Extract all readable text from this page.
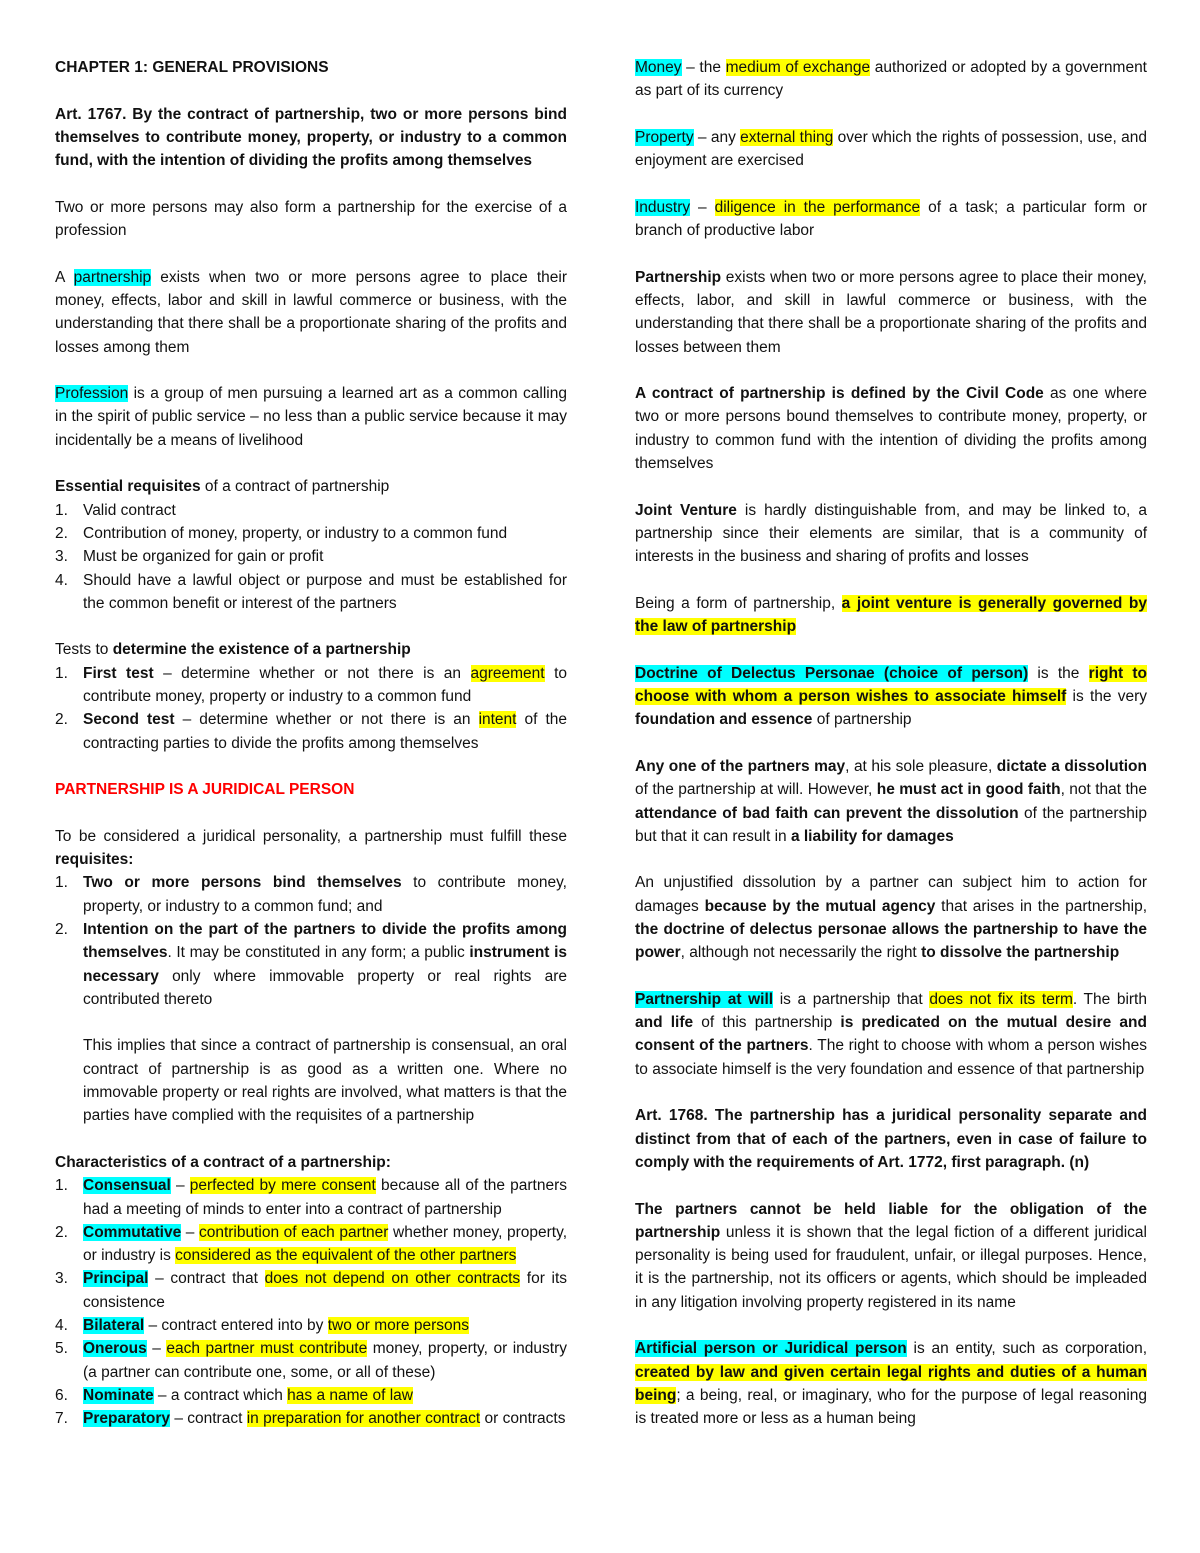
CHAPTER 1: GENERAL PROVISIONS

Art. 1767. By the contract of partnership, two or more persons bind themselves to contribute money, property, or industry to a common fund, with the intention of dividing the profits among themselves

Two or more persons may also form a partnership for the exercise of a profession

A partnership exists when two or more persons agree to place their money, effects, labor and skill in lawful commerce or business, with the understanding that there shall be a proportionate sharing of the profits and losses among them

Profession is a group of men pursuing a learned art as a common calling in the spirit of public service – no less than a public service because it may incidentally be a means of livelihood

Essential requisites of a contract of partnership
1. Valid contract
2. Contribution of money, property, or industry to a common fund
3. Must be organized for gain or profit
4. Should have a lawful object or purpose and must be established for the common benefit or interest of the partners
Tests to determine the existence of a partnership
1. First test – determine whether or not there is an agreement to contribute money, property or industry to a common fund
2. Second test – determine whether or not there is an intent of the contracting parties to divide the profits among themselves

PARTNERSHIP IS A JURIDICAL PERSON

To be considered a juridical personality, a partnership must fulfill these requisites:
1. Two or more persons bind themselves to contribute money, property, or industry to a common fund; and
2. Intention on the part of the partners to divide the profits among themselves. It may be constituted in any form; a public instrument is necessary only where immovable property or real rights are contributed thereto

This implies that since a contract of partnership is consensual, an oral contract of partnership is as good as a written one. Where no immovable property or real rights are involved, what matters is that the parties have complied with the requisites of a partnership

Characteristics of a contract of a partnership:
1. Consensual – perfected by mere consent because all of the partners had a meeting of minds to enter into a contract of partnership
2. Commutative – contribution of each partner whether money, property, or industry is considered as the equivalent of the other partners
3. Principal – contract that does not depend on other contracts for its consistence
4. Bilateral – contract entered into by two or more persons
5. Onerous – each partner must contribute money, property, or industry (a partner can contribute one, some, or all of these)
6. Nominate – a contract which has a name of law
7. Preparatory – contract in preparation for another contract or contracts

Money – the medium of exchange authorized or adopted by a government as part of its currency

Property – any external thing over which the rights of possession, use, and enjoyment are exercised

Industry – diligence in the performance of a task; a particular form or branch of productive labor

Partnership exists when two or more persons agree to place their money, effects, labor, and skill in lawful commerce or business, with the understanding that there shall be a proportionate sharing of the profits and losses between them

A contract of partnership is defined by the Civil Code as one where two or more persons bound themselves to contribute money, property, or industry to common fund with the intention of dividing the profits among themselves

Joint Venture is hardly distinguishable from, and may be linked to, a partnership since their elements are similar, that is a community of interests in the business and sharing of profits and losses

Being a form of partnership, a joint venture is generally governed by the law of partnership

Doctrine of Delectus Personae (choice of person) is the right to choose with whom a person wishes to associate himself is the very foundation and essence of partnership

Any one of the partners may, at his sole pleasure, dictate a dissolution of the partnership at will. However, he must act in good faith, not that the attendance of bad faith can prevent the dissolution of the partnership but that it can result in a liability for damages

An unjustified dissolution by a partner can subject him to action for damages because by the mutual agency that arises in the partnership, the doctrine of delectus personae allows the partnership to have the power, although not necessarily the right to dissolve the partnership

Partnership at will is a partnership that does not fix its term. The birth and life of this partnership is predicated on the mutual desire and consent of the partners. The right to choose with whom a person wishes to associate himself is the very foundation and essence of that partnership

Art. 1768. The partnership has a juridical personality separate and distinct from that of each of the partners, even in case of failure to comply with the requirements of Art. 1772, first paragraph. (n)

The partners cannot be held liable for the obligation of the partnership unless it is shown that the legal fiction of a different juridical personality is being used for fraudulent, unfair, or illegal purposes. Hence, it is the partnership, not its officers or agents, which should be impleaded in any litigation involving property registered in its name

Artificial person or Juridical person is an entity, such as corporation, created by law and given certain legal rights and duties of a human being; a being, real, or imaginary, who for the purpose of legal reasoning is treated more or less as a human being
